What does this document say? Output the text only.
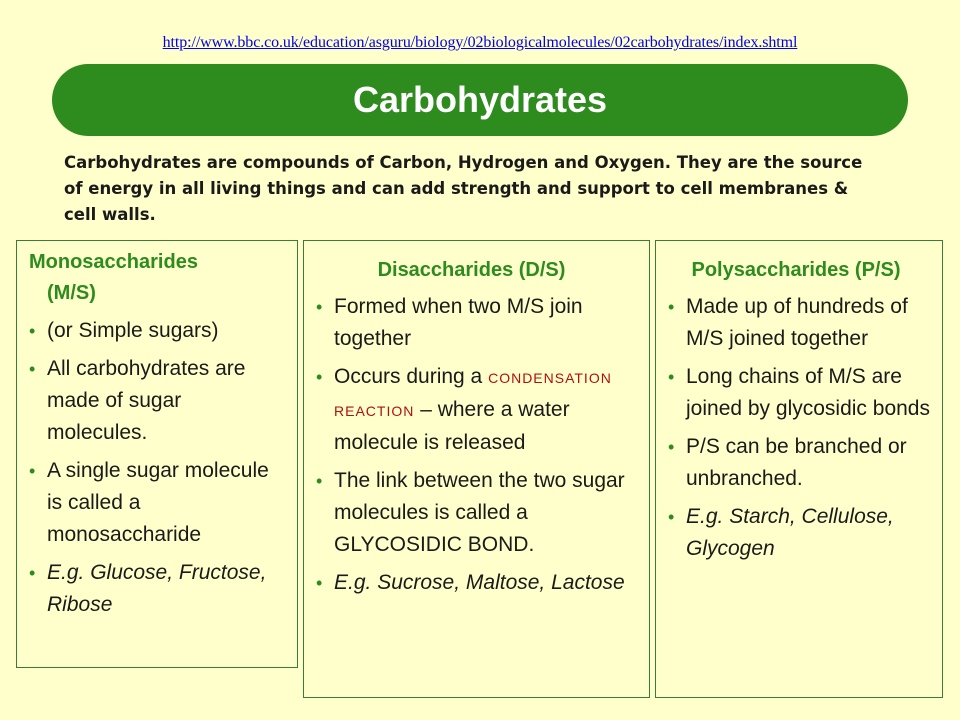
http://www.bbc.co.uk/education/asguru/biology/02biologicalmolecules/02carbohydrates/index.shtml
Carbohydrates
Carbohydrates are compounds of Carbon, Hydrogen and Oxygen. They are the source of energy in all living things and can add strength and support to cell membranes & cell walls.
Monosaccharides
(M/S)
• (or Simple sugars)
• All carbohydrates are made of sugar molecules.
• A single sugar molecule is called a monosaccharide
• E.g. Glucose, Fructose, Ribose
Disaccharides (D/S)
• Formed when two M/S join together
• Occurs during a CONDENSATION REACTION – where a water molecule is released
• The link between the two sugar molecules is called a GLYCOSIDIC BOND.
• E.g. Sucrose, Maltose, Lactose
Polysaccharides (P/S)
• Made up of hundreds of M/S joined together
• Long chains of M/S are joined by glycosidic bonds
• P/S can be branched or unbranched.
• E.g. Starch, Cellulose, Glycogen
